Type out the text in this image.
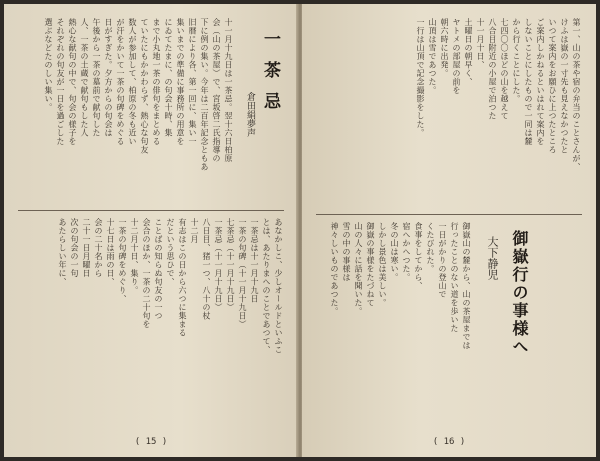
十一月十九日は一茶忌。翌十六日柏原
会（山の茶屋）で、宮坂啓二氏指導の
下に例の集い。今年は二百年記念ともあ
旧暦により各、第一回に、集い一
集いまでの準備に事務所の用意を
にゐてたまに、の句会十時、集
まで小丸地一茶の俳句をまとめる
ていたにもかかわらず、熱心な句友
数人が参加して、柏原の冬も近い
が汗をかいて一茶の句碑をめぐる
日がすぎた。夕方からの句会は
午後から一茶の墓前で献句した
人、一茶の土蔵で献句もした人
熱心な献句の中で、句会の様子を
それぞれの句友が一日を過ごした
選ぶなどたのしい集い。	一 茶 忌
倉田絹夢声
あなかしこ、少しオールドといふこ
とは、あたりまへのことであつて、
一茶忌は十一月十九日
一茶の句碑（十一月十九日）
七茶忌（十一月十九日）
一茶忌（十一月十九日）
八日目、猪一つ、八十の杖
十二月
有志はこの日から六つに集まる
だという思ひで、
ことばの知らぬ句友の一つ
会合のほか、一茶の二十句を
十二月十日、集り。
一茶の句碑をめぐり、
十七日は雨の日、
会の二十名から
二十一日月曜日
次の句会の一句
あたらしい年に、
( 15 )
第一、山の茶や宿の弁当のことさんが、
けふは嶽の一寸先も見えなかつたと
いつて案内をお願ひに上つたところ
ご案内しかねるといはれて案内を
しないことにしたもので一同は麓
から行くことにした。
七四〇〇ほどの山を越えて
八合目附近の小屋で泊つた
十一月十日、
土曜日の朝早く、
ヤトメの部屋の前を
朝六時に出発。
山頂は雪であつた。
一行は山頂で記念撮影をした。
御嶽山の麓から、山の茶屋までは
行ったことのない道を歩いた
一日がかりの登山で
くたびれた。
食事をしてから、
宿へかへつた。
冬の山は寒い。
しかし景色は美しい。
御嶽の事様をたづねて
山の人々に話を聞いた。
雪の中の事様は
神々しいものであつた。	大下静児 御嶽行の事様へ
( 16 )
